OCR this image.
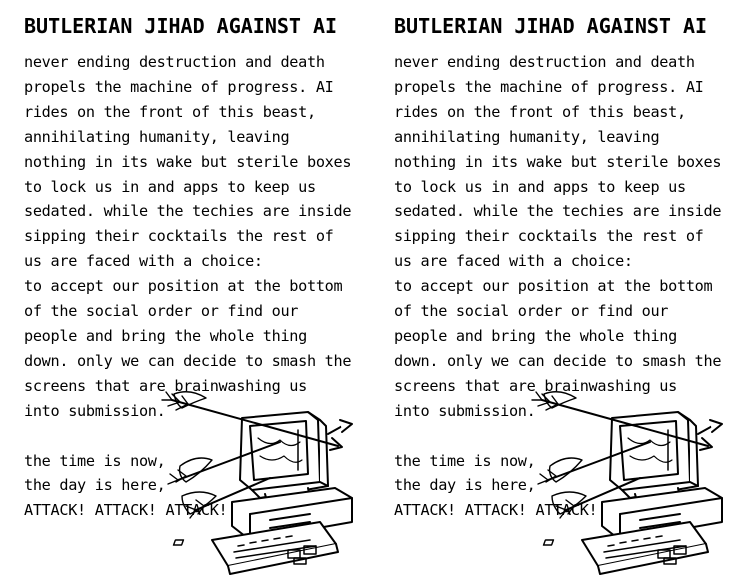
BUTLERIAN JIHAD AGAINST AI
never ending destruction and death
propels the machine of progress. AI
rides on the front of this beast,
annihilating humanity, leaving
nothing in its wake but sterile boxes
to lock us in and apps to keep us
sedated. while the techies are inside
sipping their cocktails the rest of
us are faced with a choice:
to accept our position at the bottom
of the social order or find our
people and bring the whole thing
down. only we can decide to smash the
screens that are brainwashing us
into submission.

the time is now,
the day is here,
ATTACK! ATTACK! ATTACK!
BUTLERIAN JIHAD AGAINST AI
never ending destruction and death
propels the machine of progress. AI
rides on the front of this beast,
annihilating humanity, leaving
nothing in its wake but sterile boxes
to lock us in and apps to keep us
sedated. while the techies are inside
sipping their cocktails the rest of
us are faced with a choice:
to accept our position at the bottom
of the social order or find our
people and bring the whole thing
down. only we can decide to smash the
screens that are brainwashing us
into submission.

the time is now,
the day is here,
ATTACK! ATTACK! ATTACK!
